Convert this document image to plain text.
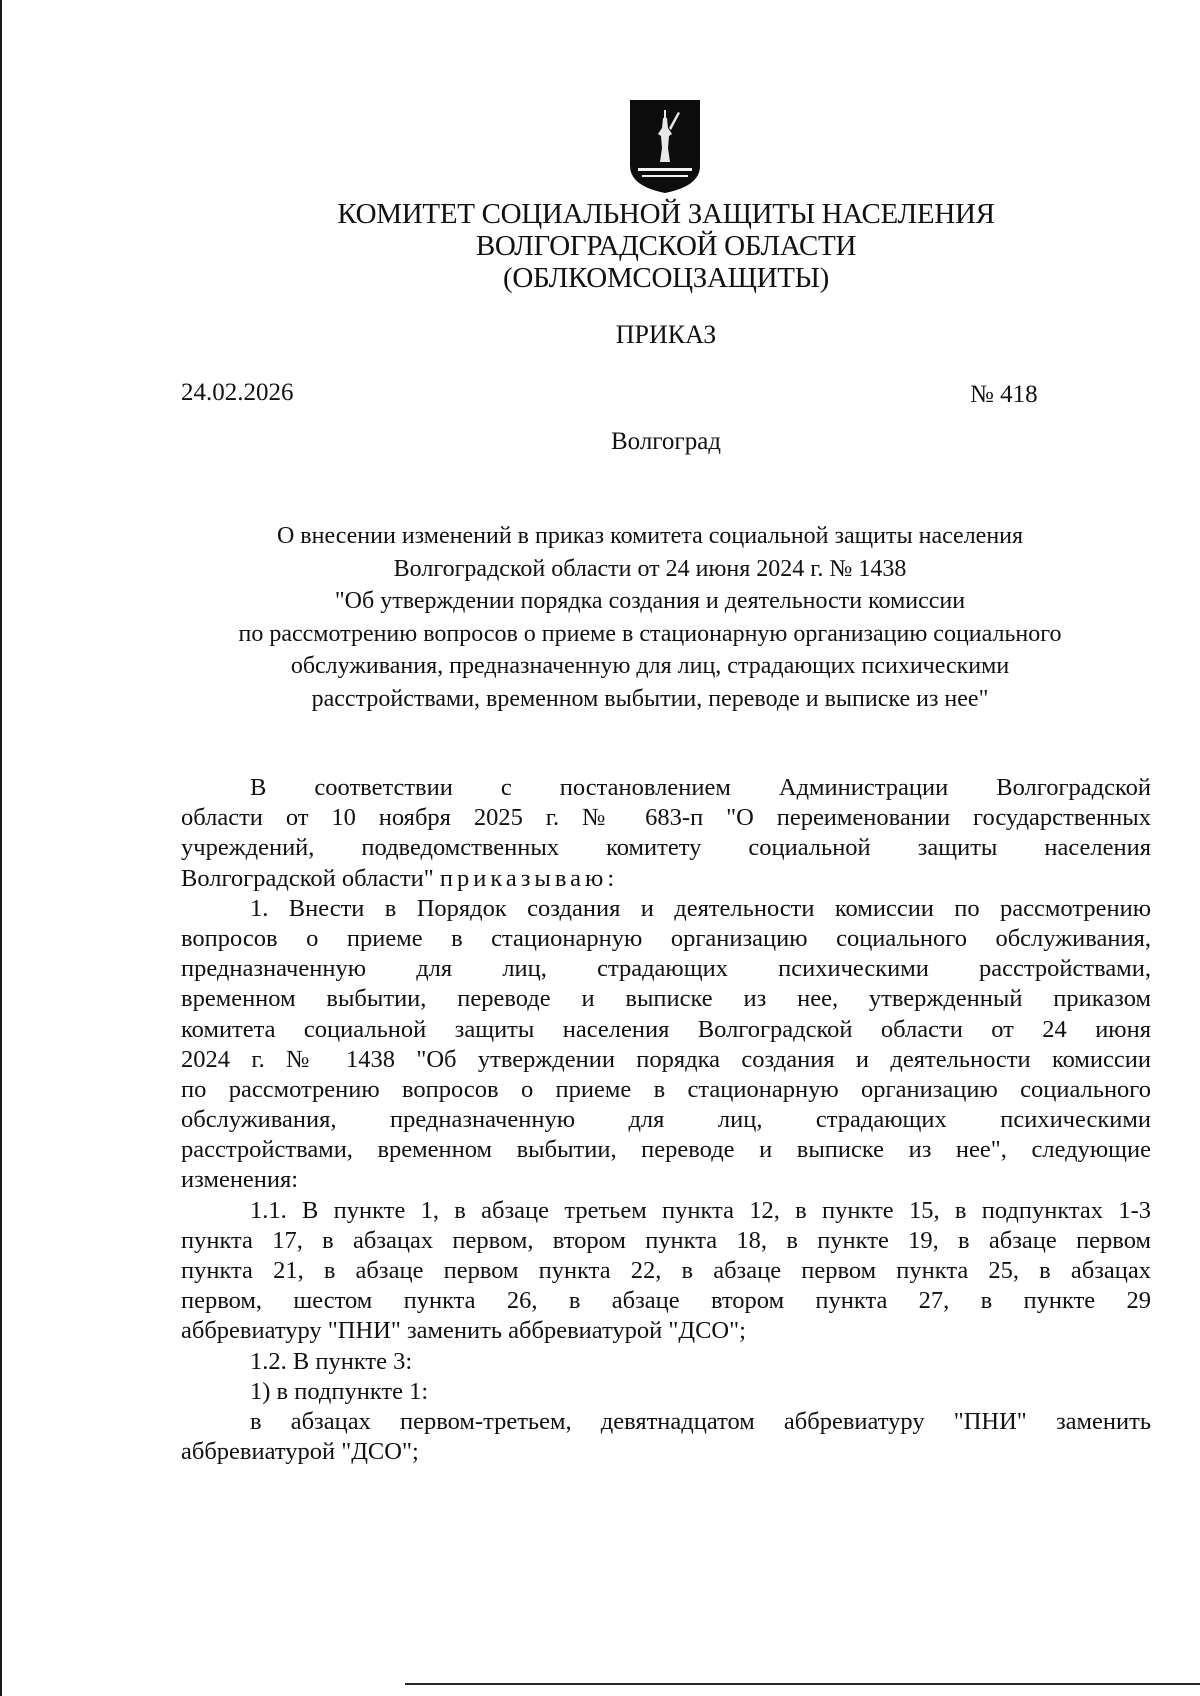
КОМИТЕТ СОЦИАЛЬНОЙ ЗАЩИТЫ НАСЕЛЕНИЯ
ВОЛГОГРАДСКОЙ ОБЛАСТИ
(ОБЛКОМСОЦЗАЩИТЫ)
ПРИКАЗ
24.02.2026	№ 418
Волгоград
О внесении изменений в приказ комитета социальной защиты населения
Волгоградской области от 24 июня 2024 г. № 1438
"Об утверждении порядка создания и деятельности комиссии
по рассмотрению вопросов о приеме в стационарную организацию социального
обслуживания, предназначенную для лиц, страдающих психическими
расстройствами, временном выбытии, переводе и выписке из нее"
В соответствии с постановлением Администрации Волгоградской
области от 10 ноября 2025 г. № 683-п "О переименовании государственных
учреждений, подведомственных комитету социальной защиты населения
Волгоградской области" приказываю:
1. Внести в Порядок создания и деятельности комиссии по рассмотрению
вопросов о приеме в стационарную организацию социального обслуживания,
предназначенную для лиц, страдающих психическими расстройствами,
временном выбытии, переводе и выписке из нее, утвержденный приказом
комитета социальной защиты населения Волгоградской области от 24 июня
2024 г. № 1438 "Об утверждении порядка создания и деятельности комиссии
по рассмотрению вопросов о приеме в стационарную организацию социального
обслуживания, предназначенную для лиц, страдающих психическими
расстройствами, временном выбытии, переводе и выписке из нее", следующие
изменения:
1.1. В пункте 1, в абзаце третьем пункта 12, в пункте 15, в подпунктах 1-3
пункта 17, в абзацах первом, втором пункта 18, в пункте 19, в абзаце первом
пункта 21, в абзаце первом пункта 22, в абзаце первом пункта 25, в абзацах
первом, шестом пункта 26, в абзаце втором пункта 27, в пункте 29
аббревиатуру "ПНИ" заменить аббревиатурой "ДСО";
1.2. В пункте 3:
1) в подпункте 1:
в абзацах первом-третьем, девятнадцатом аббревиатуру "ПНИ" заменить
аббревиатурой "ДСО";
